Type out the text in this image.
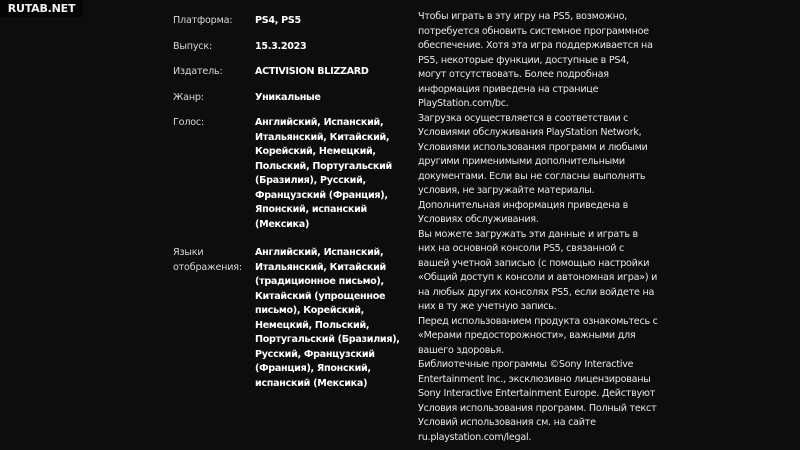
RUTAB.NET
Платформа:	PS4, PS5
Выпуск:	15.3.2023
Издатель:	ACTIVISION BLIZZARD
Жанр:	Уникальные
Голос:	Английский, Испанский, Итальянский, Китайский, Корейский, Немецкий, Польский, Португальский (Бразилия), Русский, Французский (Франция), Японский, испанский (Мексика)
Языки отображения:
Английский, Испанский, Итальянский, Китайский (традиционное письмо), Китайский (упрощенное письмо), Корейский, Немецкий, Польский, Португальский (Бразилия), Русский, Французский (Франция), Японский, испанский (Мексика)

Чтобы играть в эту игру на PS5, возможно, потребуется обновить системное программное обеспечение. Хотя эта игра поддерживается на PS5, некоторые функции, доступные в PS4, могут отсутствовать. Более подробная информация приведена на странице PlayStation.com/bc.

Загрузка осуществляется в соответствии с Условиями обслуживания PlayStation Network, Условиями использования программ и любыми другими применимыми дополнительными документами. Если вы не согласны выполнять условия, не загружайте материалы. Дополнительная информация приведена в Условиях обслуживания.

Вы можете загружать эти данные и играть в них на основной консоли PS5, связанной с вашей учетной записью (с помощью настройки «Общий доступ к консоли и автономная игра») и на любых других консолях PS5, если войдете на них в ту же учетную запись.

Перед использованием продукта ознакомьтесь с «Мерами предосторожности», важными для вашего здоровья.

Библиотечные программы ©Sony Interactive Entertainment Inc., эксклюзивно лицензированы Sony Interactive Entertainment Europe. Действуют Условия использования программ. Полный текст Условий использования см. на сайте ru.playstation.com/legal.
